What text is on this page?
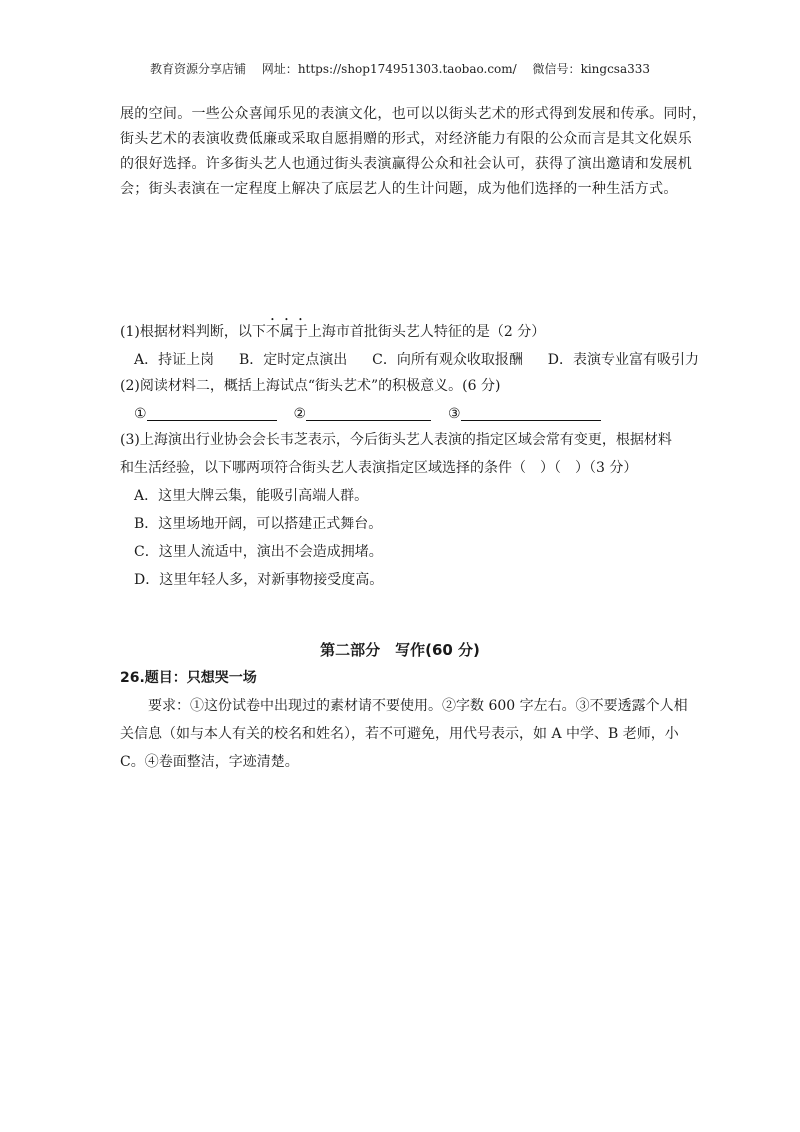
教育资源分享店铺 网址：https://shop174951303.taobao.com/ 微信号：kingcsa333

展的空间。一些公众喜闻乐见的表演文化，也可以以街头艺术的形式得到发展和传承。同时，

街头艺术的表演收费低廉或采取自愿捐赠的形式，对经济能力有限的公众而言是其文化娱乐

的很好选择。许多街头艺人也通过街头表演赢得公众和社会认可，获得了演出邀请和发展机

会；街头表演在一定程度上解决了底层艺人的生计问题，成为他们选择的一种生活方式。

(1)根据材料判断，以下不属于上海市首批街头艺人特征的是（2 分）
A．持证上岗 B．定时定点演出 C．向所有观众收取报酬 D．表演专业富有吸引力
(2)阅读材料二，概括上海试点“街头艺术”的积极意义。(6 分)
①	②	③
(3)上海演出行业协会会长韦芝表示，今后街头艺人表演的指定区域会常有变更，根据材料
和生活经验，以下哪两项符合街头艺人表演指定区域选择的条件（　）（　）（3 分）
A．这里大牌云集，能吸引高端人群。
B．这里场地开阔，可以搭建正式舞台。
C．这里人流适中，演出不会造成拥堵。
D．这里年轻人多，对新事物接受度高。
第二部分　写作(60 分)
26.题目：只想哭一场

要求：①这份试卷中出现过的素材请不要使用。②字数 600 字左右。③不要透露个人相关信息（如与本人有关的校名和姓名），若不可避免，用代号表示，如 A 中学、B 老师，小 C。④卷面整洁，字迹清楚。
